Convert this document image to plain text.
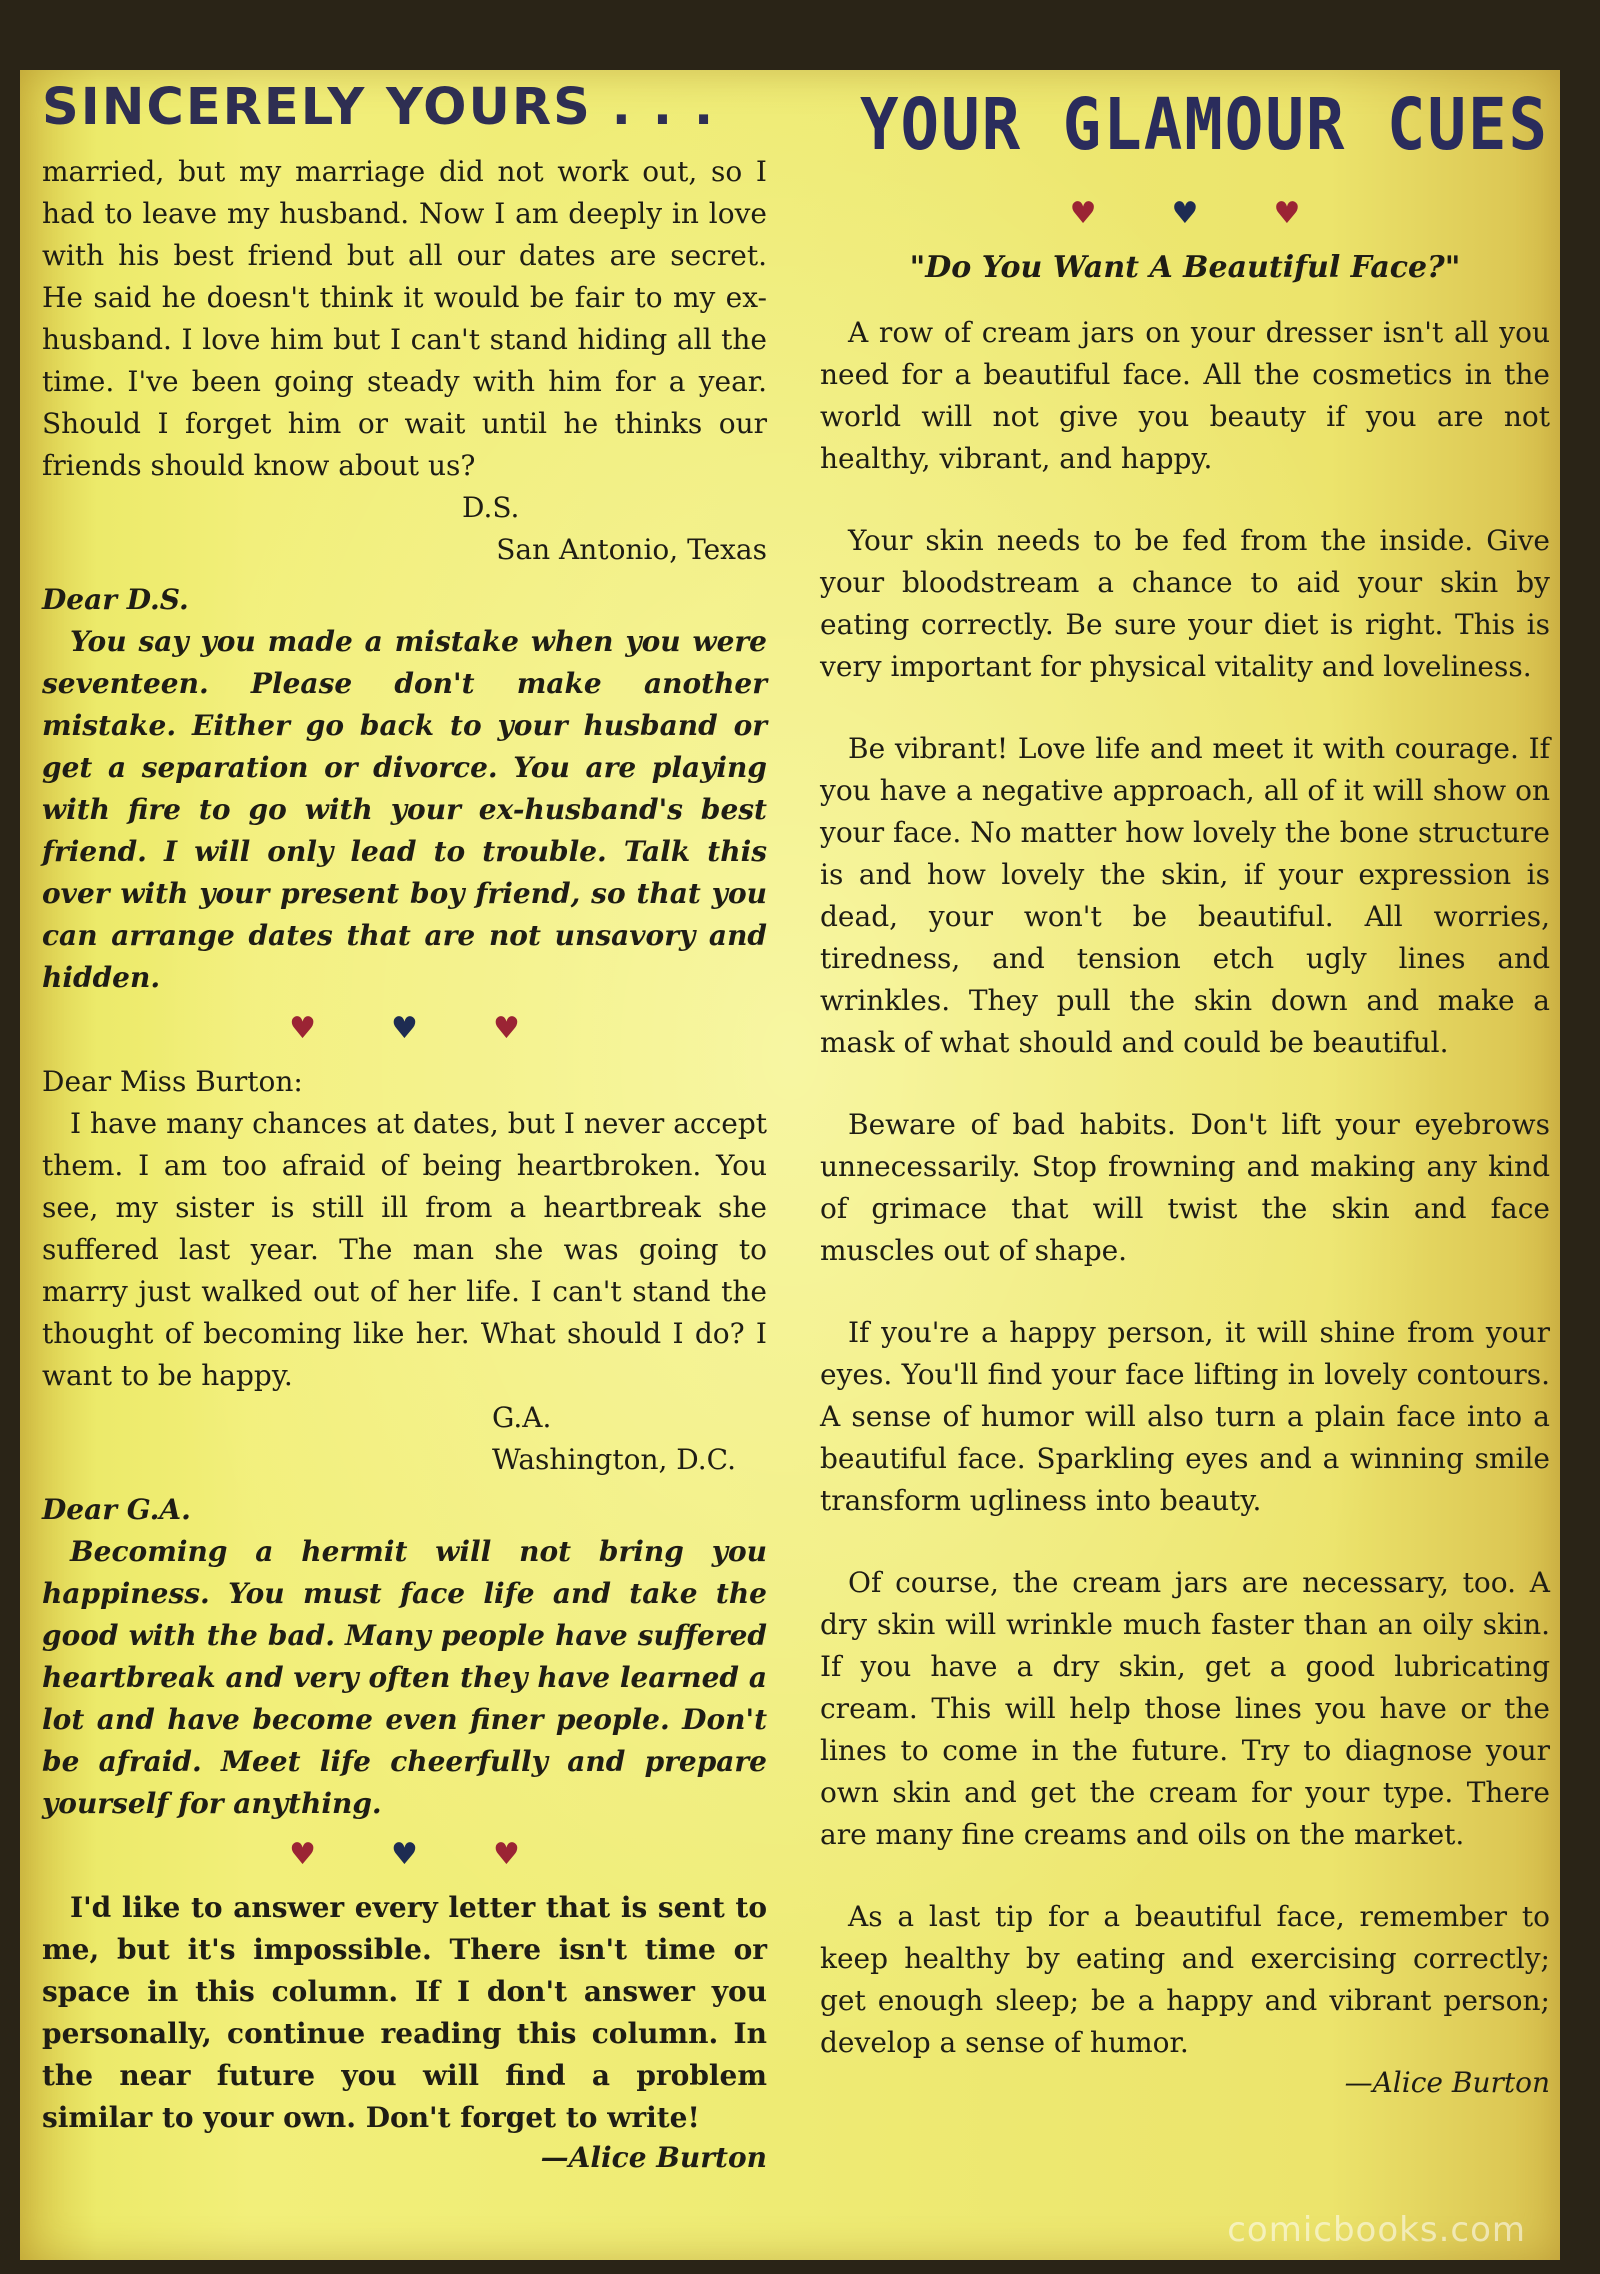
SINCERELY YOURS . . .

married, but my marriage did not work out, so I had to leave my husband. Now I am deeply in love with his best friend but all our dates are secret. He said he doesn't think it would be fair to my ex-husband. I love him but I can't stand hiding all the time. I've been going steady with him for a year. Should I forget him or wait until he thinks our friends should know about us?

D.S.
San Antonio, Texas
Dear D.S.

You say you made a mistake when you were seventeen. Please don't make another mistake. Either go back to your husband or get a separation or divorce. You are playing with fire to go with your ex-husband's best friend. I will only lead to trouble. Talk this over with your present boy friend, so that you can arrange dates that are not unsavory and hidden.

♥	♥	♥
Dear Miss Burton:

I have many chances at dates, but I never accept them. I am too afraid of being heartbroken. You see, my sister is still ill from a heartbreak she suffered last year. The man she was going to marry just walked out of her life. I can't stand the thought of becoming like her. What should I do? I want to be happy.

G.A.
Washington, D.C.
Dear G.A.

Becoming a hermit will not bring you happiness. You must face life and take the good with the bad. Many people have suffered heartbreak and very often they have learned a lot and have become even finer people. Don't be afraid. Meet life cheerfully and prepare yourself for anything.

♥	♥	♥

I'd like to answer every letter that is sent to me, but it's impossible. There isn't time or space in this column. If I don't answer you personally, continue reading this column. In the near future you will find a problem similar to your own. Don't forget to write!

—Alice Burton
YOUR GLAMOUR CUES
♥	♥	♥
"Do You Want A Beautiful Face?"

A row of cream jars on your dresser isn't all you need for a beautiful face. All the cosmetics in the world will not give you beauty if you are not healthy, vibrant, and happy.

Your skin needs to be fed from the inside. Give your bloodstream a chance to aid your skin by eating correctly. Be sure your diet is right. This is very important for physical vitality and loveliness.

Be vibrant! Love life and meet it with courage. If you have a negative approach, all of it will show on your face. No matter how lovely the bone structure is and how lovely the skin, if your expression is dead, your won't be beautiful. All worries, tiredness, and tension etch ugly lines and wrinkles. They pull the skin down and make a mask of what should and could be beautiful.

Beware of bad habits. Don't lift your eyebrows unnecessarily. Stop frowning and making any kind of grimace that will twist the skin and face muscles out of shape.

If you're a happy person, it will shine from your eyes. You'll find your face lifting in lovely contours. A sense of humor will also turn a plain face into a beautiful face. Sparkling eyes and a winning smile transform ugliness into beauty.

Of course, the cream jars are necessary, too. A dry skin will wrinkle much faster than an oily skin. If you have a dry skin, get a good lubricating cream. This will help those lines you have or the lines to come in the future. Try to diagnose your own skin and get the cream for your type. There are many fine creams and oils on the market.

As a last tip for a beautiful face, remember to keep healthy by eating and exercising correctly; get enough sleep; be a happy and vibrant person; develop a sense of humor.

—Alice Burton
comicbooks.com
